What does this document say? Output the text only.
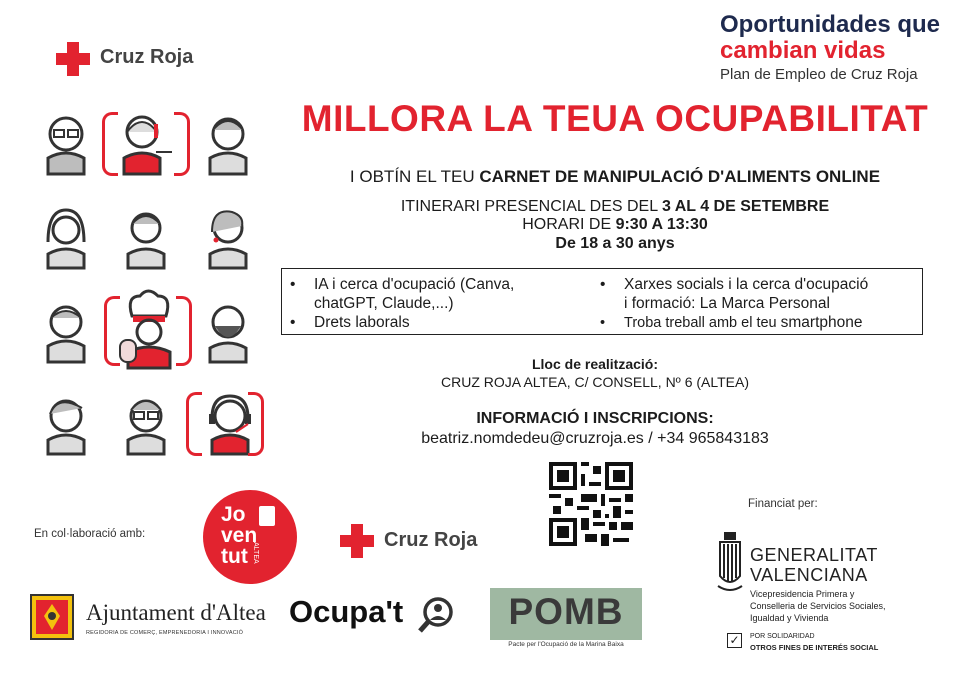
Cruz Roja
Oportunidades que
cambian vidas
Plan de Empleo de Cruz Roja
MILLORA LA TEUA OCUPABILITAT
I OBTÍN EL TEU CARNET DE MANIPULACIÓ D'ALIMENTS ONLINE
ITINERARI PRESENCIAL DES DEL 3 AL 4 DE SETEMBRE
HORARI DE 9:30 A 13:30
De 18 a 30 anys
• IA i cerca d'ocupació (Canva,
chatGPT, Claude,...)
• Drets laborals
• Xarxes socials i la cerca d'ocupació
i formació: La Marca Personal
• Troba treball amb el teu smartphone
Lloc de realització:
CRUZ ROJA ALTEA, C/ CONSELL, Nº 6 (ALTEA)
INFORMACIÓ I INSCRIPCIONS:
beatriz.nomdedeu@cruzroja.es / +34 965843183
En col·laboració amb:
Jo
ven
tut ALTEA
Cruz Roja
Ajuntament d'Altea
REGIDORIA DE COMERÇ, EMPRENEDORIA I INNOVACIÓ
Ocupa't	POMB
Pacte per l'Ocupació de la Marina Baixa
Financiat per:
GENERALITAT
VALENCIANA
Vicepresidencia Primera y
Conselleria de Servicios Sociales,
Igualdad y Vivienda
✓	POR SOLIDARIDAD
OTROS FINES DE INTERÉS SOCIAL
